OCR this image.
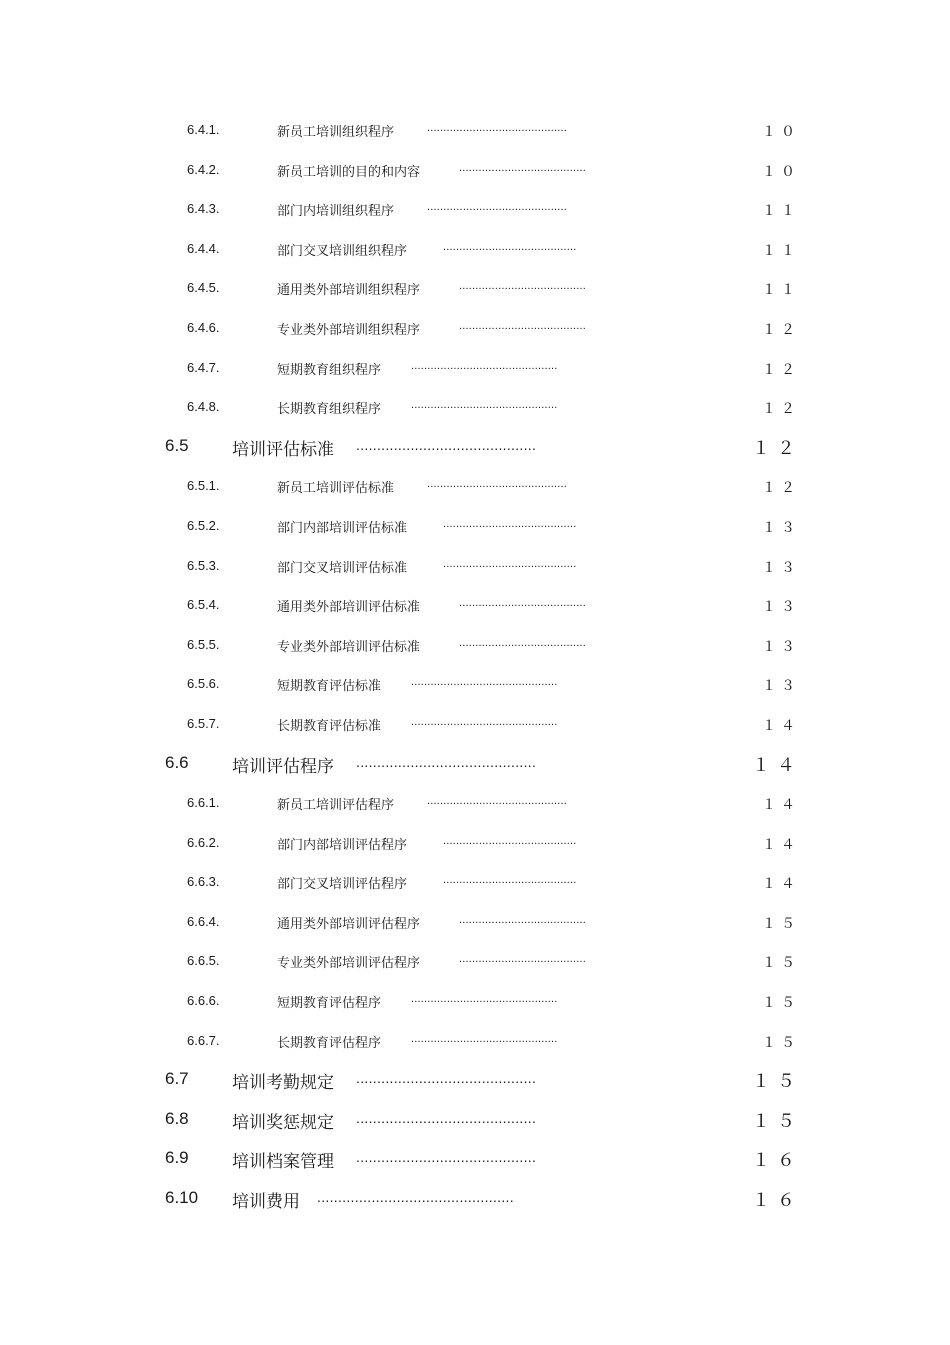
6.4.1.	新员工培训组织程序	...........................................	１０
6.4.2.	新员工培训的目的和内容	.......................................	１０
6.4.3.	部门内培训组织程序	...........................................	１１
6.4.4.	部门交叉培训组织程序	.........................................	１１
6.4.5.	通用类外部培训组织程序	.......................................	１１
6.4.6.	专业类外部培训组织程序	.......................................	１２
6.4.7.	短期教育组织程序	.............................................	１２
6.4.8.	长期教育组织程序	.............................................	１２
6.5	培训评估标准 ...........................................	１２
6.5.1.	新员工培训评估标准	...........................................	１２
6.5.2.	部门内部培训评估标准	.........................................	１３
6.5.3.	部门交叉培训评估标准	.........................................	１３
6.5.4.	通用类外部培训评估标准	.......................................	１３
6.5.5.	专业类外部培训评估标准	.......................................	１３
6.5.6.	短期教育评估标准	.............................................	１３
6.5.7.	长期教育评估标准	.............................................	１４
6.6	培训评估程序 ...........................................	１４
6.6.1.	新员工培训评估程序	...........................................	１４
6.6.2.	部门内部培训评估程序	.........................................	１４
6.6.3.	部门交叉培训评估程序	.........................................	１４
6.6.4.	通用类外部培训评估程序	.......................................	１５
6.6.5.	专业类外部培训评估程序	.......................................	１５
6.6.6.	短期教育评估程序	.............................................	１５
6.6.7.	长期教育评估程序	.............................................	１５
6.7	培训考勤规定 ...........................................	１５
6.8	培训奖惩规定 ...........................................	１５
6.9	培训档案管理 ...........................................	１６
6.10 培训费用 ...............................................	１６
